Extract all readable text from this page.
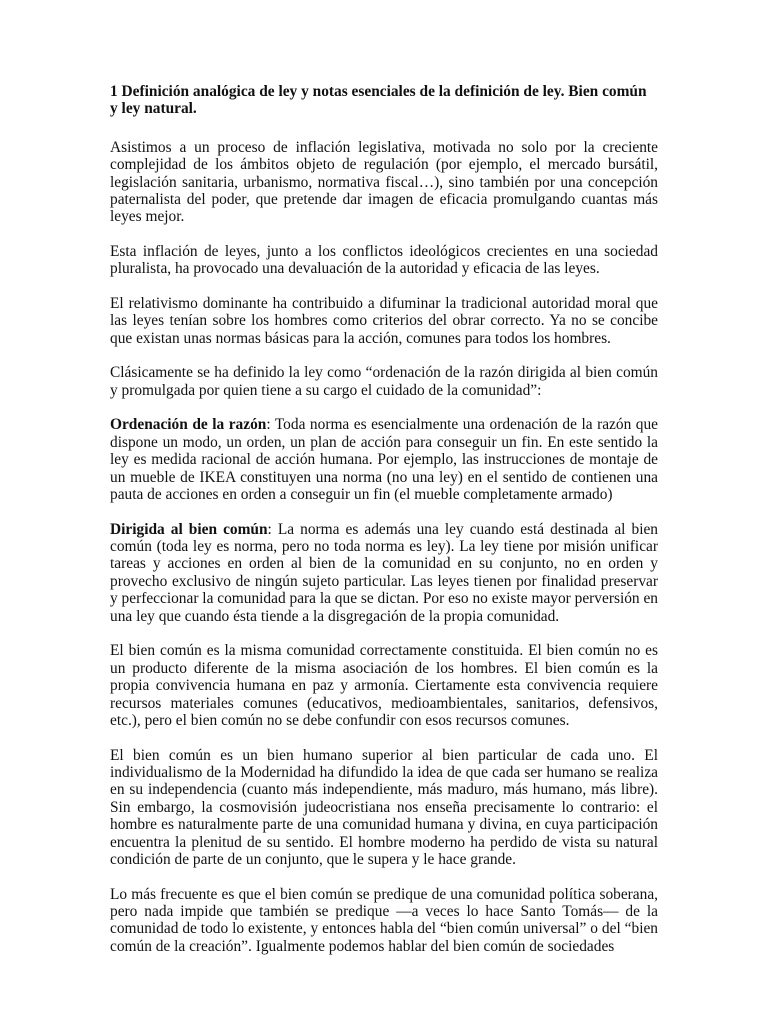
1 Definición analógica de ley y notas esenciales de la definición de ley. Bien común y ley natural.

Asistimos a un proceso de inflación legislativa, motivada no solo por la creciente complejidad de los ámbitos objeto de regulación (por ejemplo, el mercado bursátil, legislación sanitaria, urbanismo, normativa fiscal…), sino también por una concepción paternalista del poder, que pretende dar imagen de eficacia promulgando cuantas más leyes mejor.

Esta inflación de leyes, junto a los conflictos ideológicos crecientes en una sociedad pluralista, ha provocado una devaluación de la autoridad y eficacia de las leyes.

El relativismo dominante ha contribuido a difuminar la tradicional autoridad moral que las leyes tenían sobre los hombres como criterios del obrar correcto. Ya no se concibe que existan unas normas básicas para la acción, comunes para todos los hombres.

Clásicamente se ha definido la ley como “ordenación de la razón dirigida al bien común y promulgada por quien tiene a su cargo el cuidado de la comunidad”:

Ordenación de la razón: Toda norma es esencialmente una ordenación de la razón que dispone un modo, un orden, un plan de acción para conseguir un fin. En este sentido la ley es medida racional de acción humana. Por ejemplo, las instrucciones de montaje de un mueble de IKEA constituyen una norma (no una ley) en el sentido de contienen una pauta de acciones en orden a conseguir un fin (el mueble completamente armado)

Dirigida al bien común: La norma es además una ley cuando está destinada al bien común (toda ley es norma, pero no toda norma es ley). La ley tiene por misión unificar tareas y acciones en orden al bien de la comunidad en su conjunto, no en orden y provecho exclusivo de ningún sujeto particular. Las leyes tienen por finalidad preservar y perfeccionar la comunidad para la que se dictan. Por eso no existe mayor perversión en una ley que cuando ésta tiende a la disgregación de la propia comunidad.

El bien común es la misma comunidad correctamente constituida. El bien común no es un producto diferente de la misma asociación de los hombres. El bien común es la propia convivencia humana en paz y armonía. Ciertamente esta convivencia requiere recursos materiales comunes (educativos, medioambientales, sanitarios, defensivos, etc.), pero el bien común no se debe confundir con esos recursos comunes.

El bien común es un bien humano superior al bien particular de cada uno. El individualismo de la Modernidad ha difundido la idea de que cada ser humano se realiza en su independencia (cuanto más independiente, más maduro, más humano, más libre). Sin embargo, la cosmovisión judeocristiana nos enseña precisamente lo contrario: el hombre es naturalmente parte de una comunidad humana y divina, en cuya participación encuentra la plenitud de su sentido. El hombre moderno ha perdido de vista su natural condición de parte de un conjunto, que le supera y le hace grande.

Lo más frecuente es que el bien común se predique de una comunidad política soberana, pero nada impide que también se predique —a veces lo hace Santo Tomás— de la comunidad de todo lo existente, y entonces habla del “bien común universal” o del “bien común de la creación”. Igualmente podemos hablar del bien común de sociedades
